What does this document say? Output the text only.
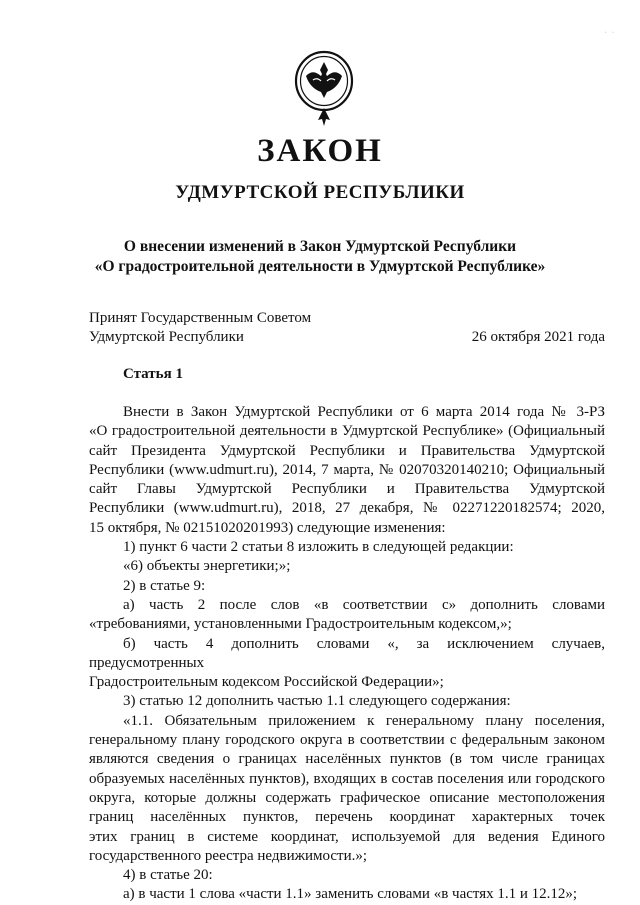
· ·
ЗАКОН
УДМУРТСКОЙ РЕСПУБЛИКИ
О внесении изменений в Закон Удмуртской Республики
«О градостроительной деятельности в Удмуртской Республике»
Принят Государственным Советом
Удмуртской Республики	26 октября 2021 года
Статья 1

Внести в Закон Удмуртской Республики от 6 марта 2014 года № 3-РЗ

«О градостроительной деятельности в Удмуртской Республике» (Официальный

сайт Президента Удмуртской Республики и Правительства Удмуртской

Республики (www.udmurt.ru), 2014, 7 марта, № 02070320140210; Официальный

сайт Главы Удмуртской Республики и Правительства Удмуртской

Республики (www.udmurt.ru), 2018, 27 декабря, № 02271220182574; 2020,

15 октября, № 02151020201993) следующие изменения:

1) пункт 6 части 2 статьи 8 изложить в следующей редакции:

«6) объекты энергетики;»;

2) в статье 9:

а) часть 2 после слов «в соответствии с» дополнить словами

«требованиями, установленными Градостроительным кодексом,»;

б) часть 4 дополнить словами «, за исключением случаев, предусмотренных

Градостроительным кодексом Российской Федерации»;

3) статью 12 дополнить частью 1.1 следующего содержания:

«1.1. Обязательным приложением к генеральному плану поселения,

генеральному плану городского округа в соответствии с федеральным законом

являются сведения о границах населённых пунктов (в том числе границах

образуемых населённых пунктов), входящих в состав поселения или городского

округа, которые должны содержать графическое описание местоположения

границ населённых пунктов, перечень координат характерных точек

этих границ в системе координат, используемой для ведения Единого

государственного реестра недвижимости.»;

4) в статье 20:

а) в части 1 слова «части 1.1» заменить словами «в частях 1.1 и 12.12»;
